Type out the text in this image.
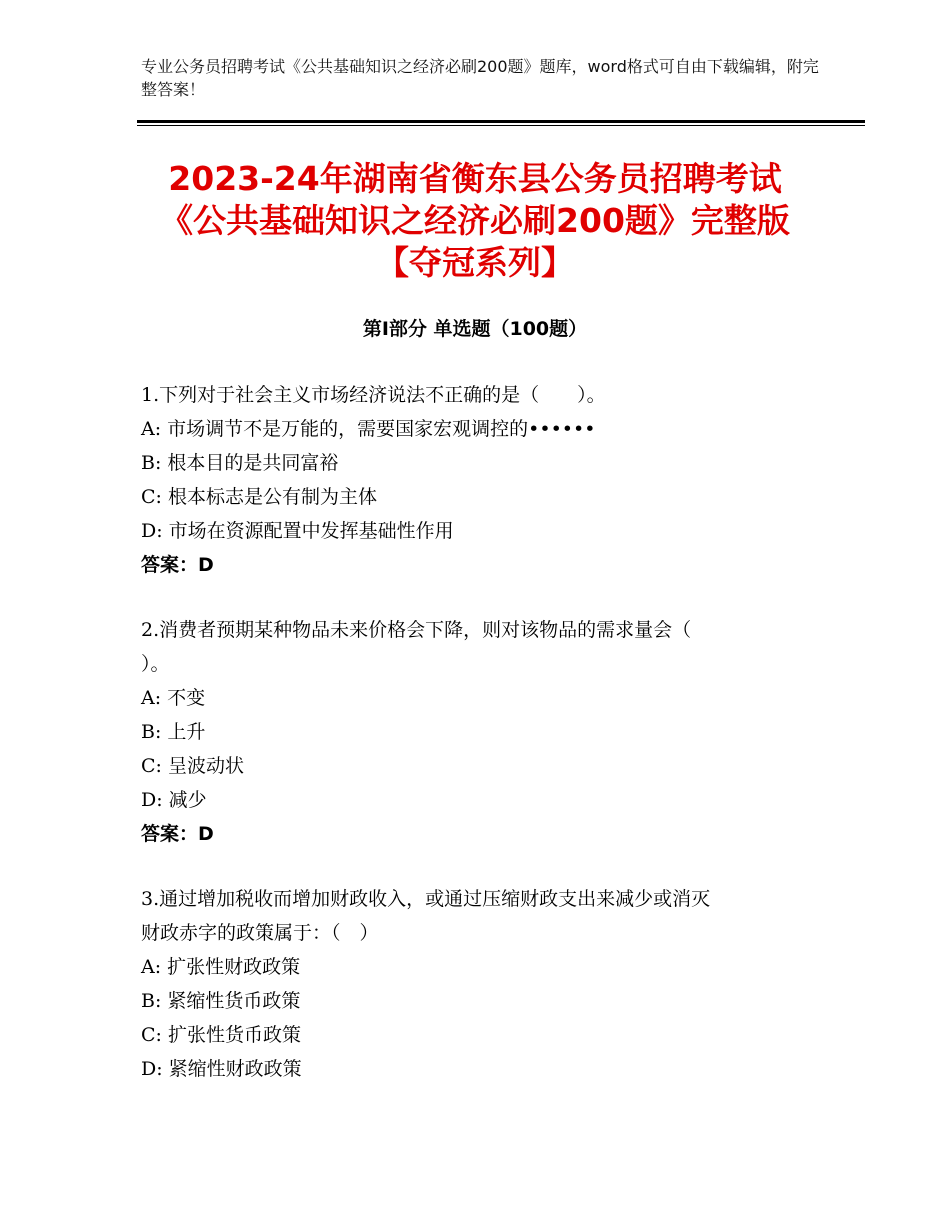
专业公务员招聘考试《公共基础知识之经济必刷200题》题库，word格式可自由下载编辑，附完整答案！
2023-24年湖南省衡东县公务员招聘考试
《公共基础知识之经济必刷200题》完整版
【夺冠系列】
第Ⅰ部分 单选题（100题）
1.下列对于社会主义市场经济说法不正确的是（　　）。
A: 市场调节不是万能的，需要国家宏观调控的••••••
B: 根本目的是共同富裕
C: 根本标志是公有制为主体
D: 市场在资源配置中发挥基础性作用
答案：D
2.消费者预期某种物品未来价格会下降，则对该物品的需求量会（
）。
A: 不变
B: 上升
C: 呈波动状
D: 减少
答案：D
3.通过增加税收而增加财政收入，或通过压缩财政支出来减少或消灭
财政赤字的政策属于：（　）
A: 扩张性财政政策
B: 紧缩性货币政策
C: 扩张性货币政策
D: 紧缩性财政政策
